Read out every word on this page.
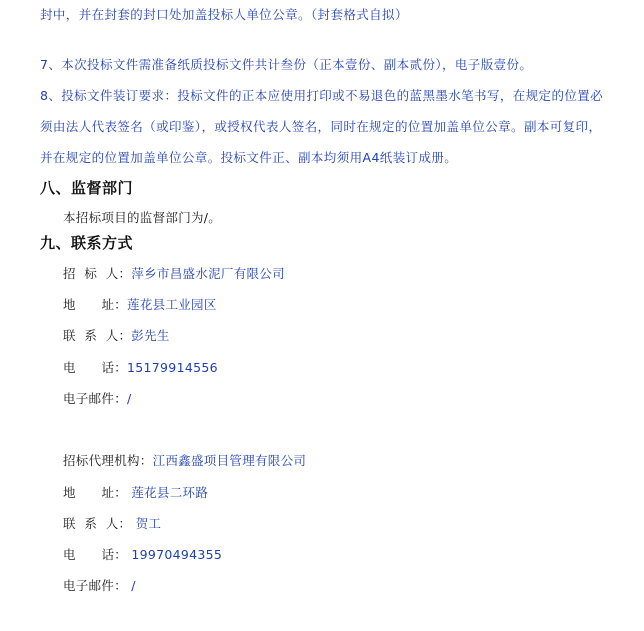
封中，并在封套的封口处加盖投标人单位公章。（封套格式自拟）

7、本次投标文件需准备纸质投标文件共计叁份（正本壹份、副本贰份），电子版壹份。

8、投标文件装订要求：投标文件的正本应使用打印或不易退色的蓝黑墨水笔书写，在规定的位置必须由法人代表签名（或印鉴），或授权代表人签名，同时在规定的位置加盖单位公章。副本可复印，并在规定的位置加盖单位公章。投标文件正、副本均须用A4纸装订成册。

八、监督部门

本招标项目的监督部门为/。

九、联系方式

招  标  人：萍乡市昌盛水泥厂有限公司

地      址：莲花县工业园区

联  系  人：彭先生

电      话：15179914556

电子邮件：/

招标代理机构：江西鑫盛项目管理有限公司

地      址： 莲花县二环路

联  系  人： 贺工

电      话： 19970494355

电子邮件： /
